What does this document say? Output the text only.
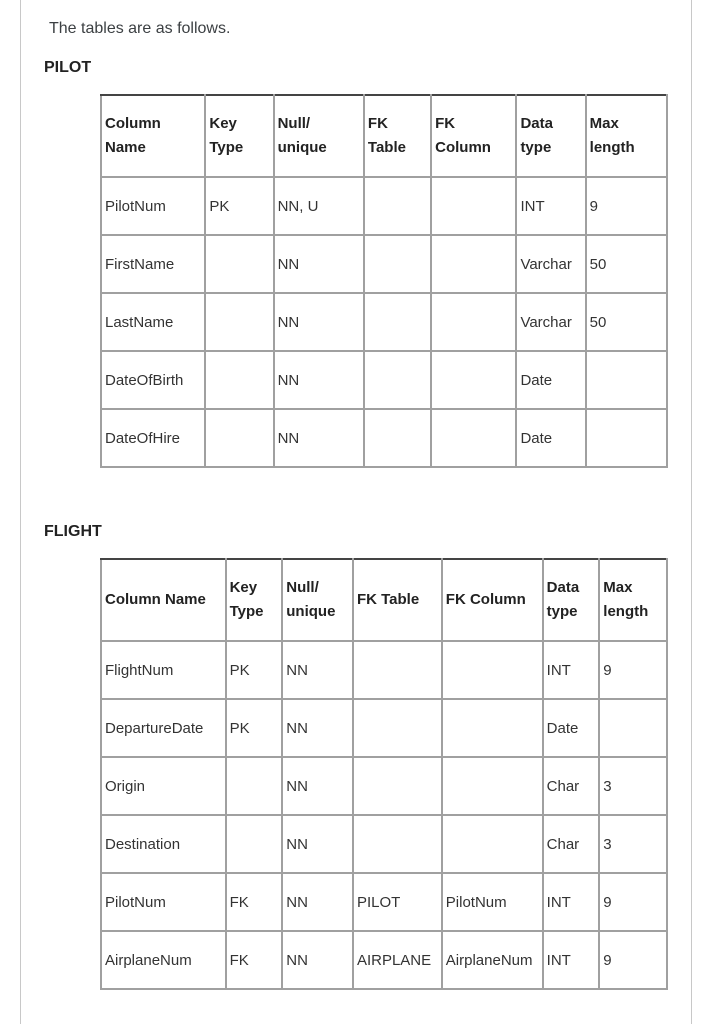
The tables are as follows.
PILOT
Column Name	Key Type	Null/ unique	FK Table	FK Column	Data type	Max length
PilotNum	PK	NN, U			INT	9
FirstName		NN			Varchar	50
LastName		NN			Varchar	50
DateOfBirth		NN			Date	
DateOfHire		NN			Date	
FLIGHT
Column Name	Key Type	Null/ unique	FK Table	FK Column	Data type	Max length
FlightNum	PK	NN			INT	9
DepartureDate	PK	NN			Date	
Origin		NN			Char	3
Destination		NN			Char	3
PilotNum	FK	NN	PILOT	PilotNum	INT	9
AirplaneNum	FK	NN	AIRPLANE	AirplaneNum	INT	9
